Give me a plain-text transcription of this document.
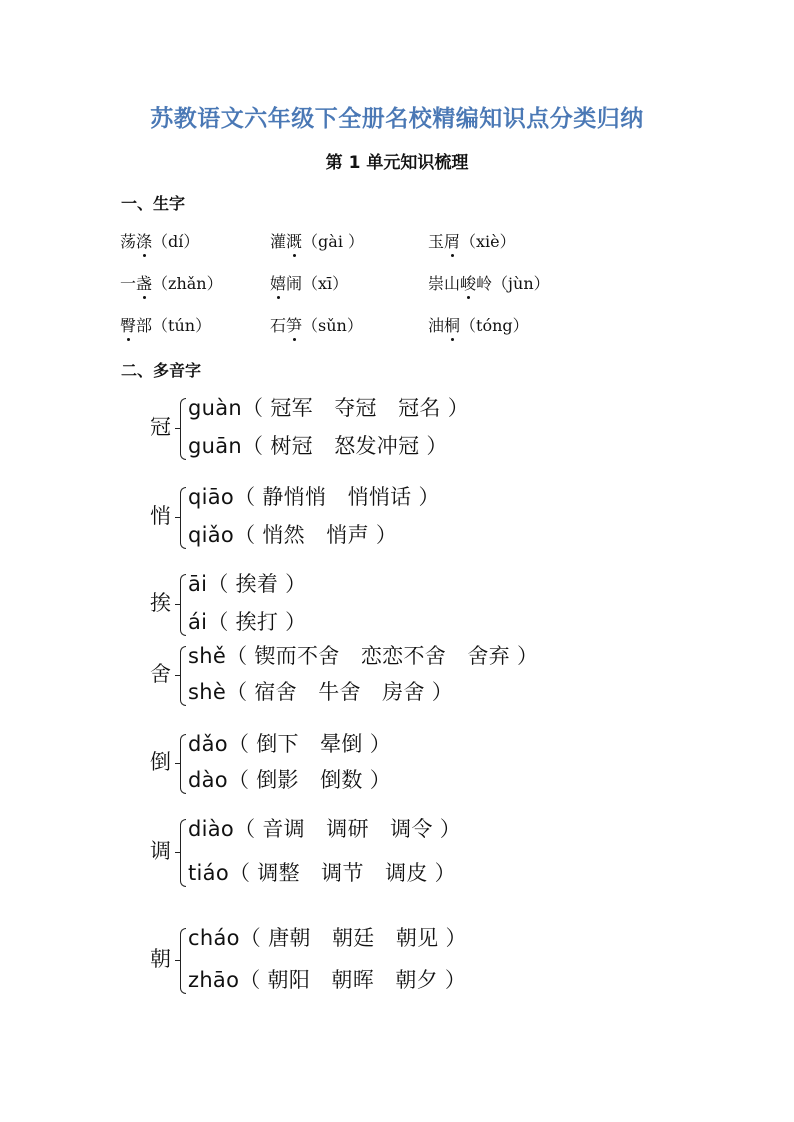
苏教语文六年级下全册名校精编知识点分类归纳
第 1 单元知识梳理
一、生字
荡涤（dí）	灌溉（gài ）	玉屑（xiè）
一盏（zhǎn）	嬉闹（xī）	崇山峻岭（jùn）
臀部（tún）	石笋（sǔn）	油桐（tóng）
二、多音字
冠
guàn（ 冠军　夺冠　冠名 ）
guān（ 树冠　怒发冲冠 ）
悄
qiāo（ 静悄悄　悄悄话 ）
qiǎo（ 悄然　悄声 ）
挨
āi（ 挨着 ）
ái（ 挨打 ）
舍
shě（ 锲而不舍　恋恋不舍　舍弃 ）
shè（ 宿舍　牛舍　房舍 ）
倒
dǎo（ 倒下　晕倒 ）
dào（ 倒影　倒数 ）
调
diào（ 音调　调研　调令 ）
tiáo（ 调整　调节　调皮 ）
朝
cháo（ 唐朝　朝廷　朝见 ）
zhāo（ 朝阳　朝晖　朝夕 ）
